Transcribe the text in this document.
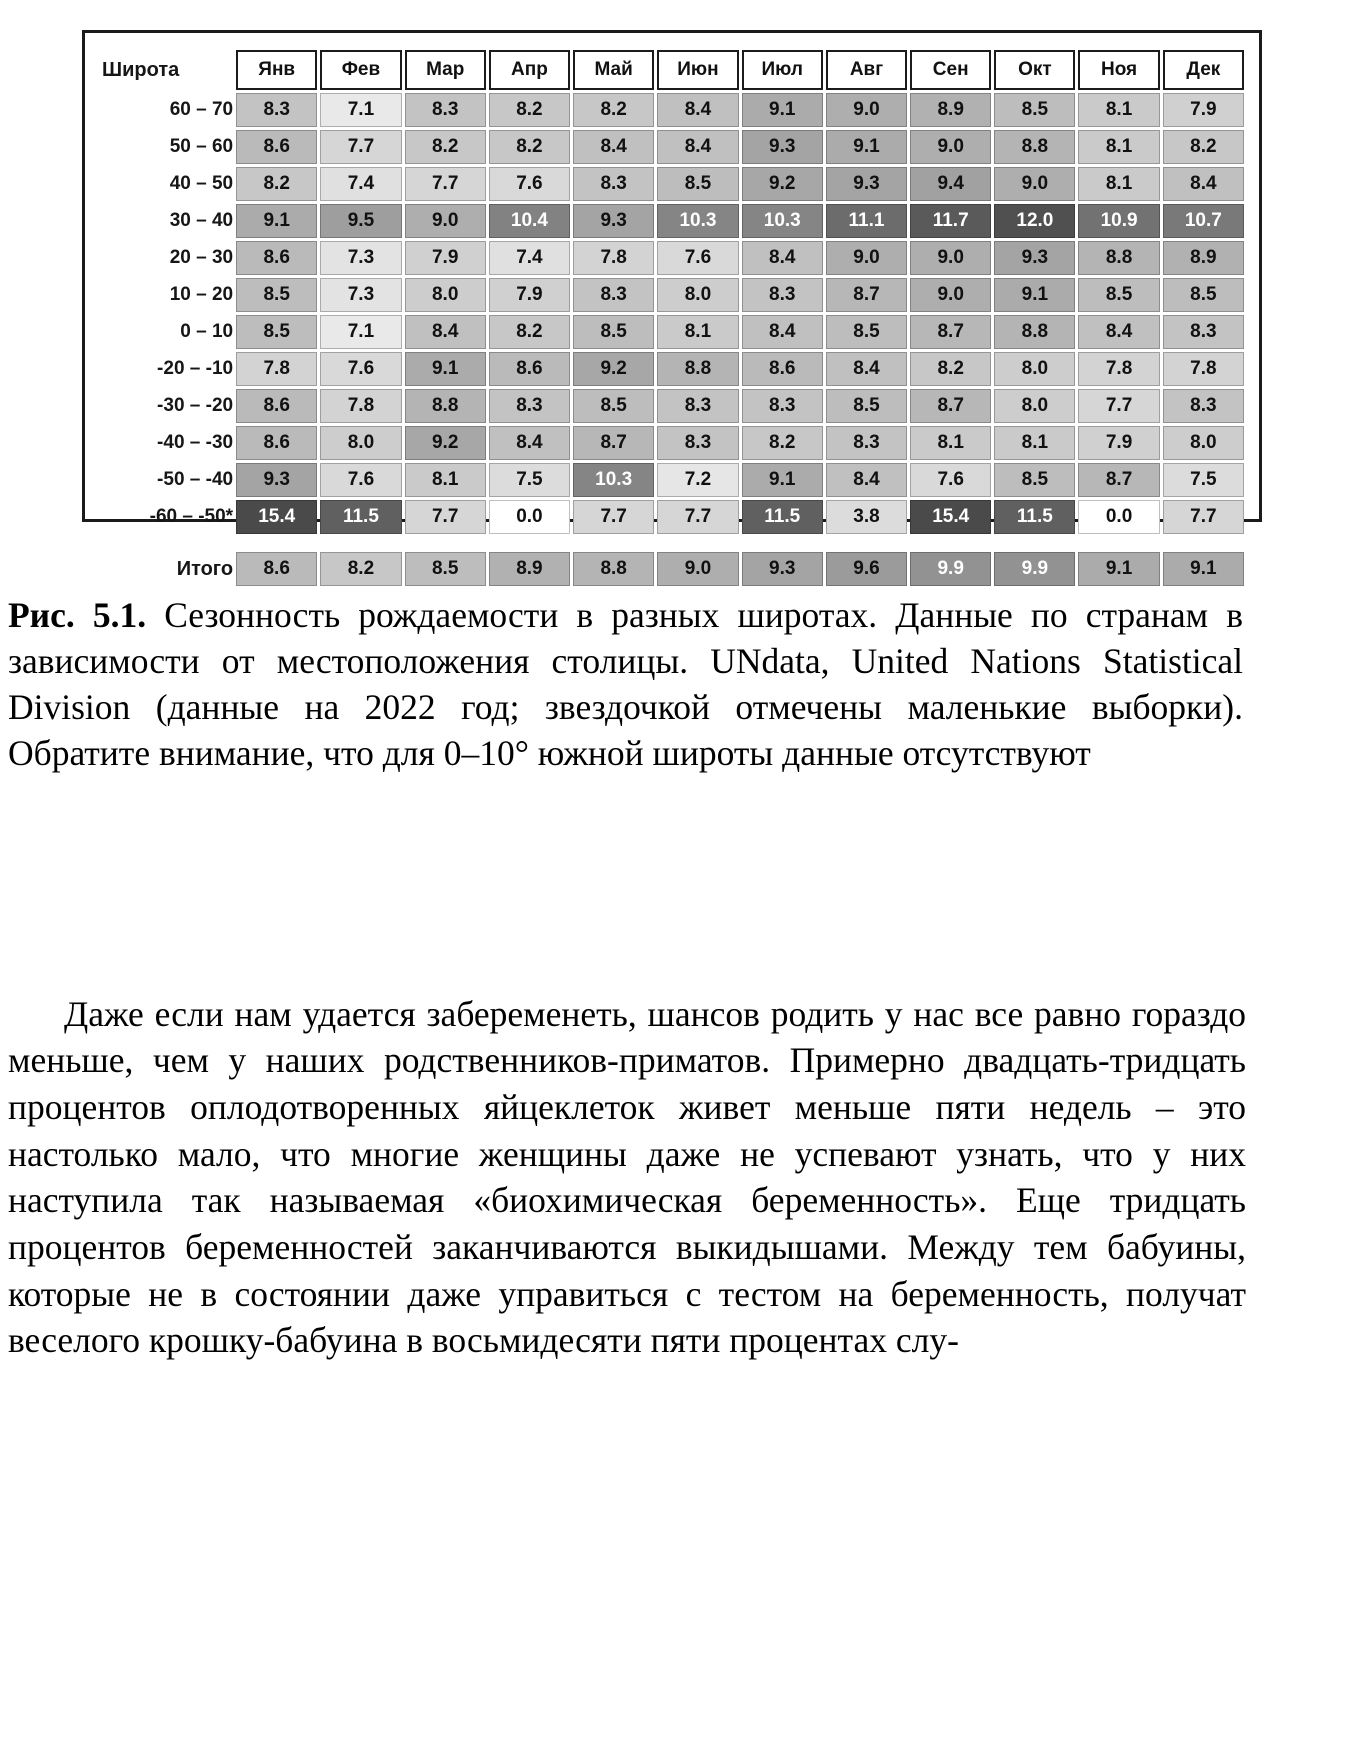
Широта	Янв	Фев	Мар	Апр	Май	Июн	Июл	Авг	Сен	Окт	Ноя	Дек
60 – 70	8.3	7.1	8.3	8.2	8.2	8.4	9.1	9.0	8.9	8.5	8.1	7.9
50 – 60	8.6	7.7	8.2	8.2	8.4	8.4	9.3	9.1	9.0	8.8	8.1	8.2
40 – 50	8.2	7.4	7.7	7.6	8.3	8.5	9.2	9.3	9.4	9.0	8.1	8.4
30 – 40	9.1	9.5	9.0	10.4	9.3	10.3	10.3	11.1	11.7	12.0	10.9	10.7
20 – 30	8.6	7.3	7.9	7.4	7.8	7.6	8.4	9.0	9.0	9.3	8.8	8.9
10 – 20	8.5	7.3	8.0	7.9	8.3	8.0	8.3	8.7	9.0	9.1	8.5	8.5
0 – 10	8.5	7.1	8.4	8.2	8.5	8.1	8.4	8.5	8.7	8.8	8.4	8.3
-20 – -10	7.8	7.6	9.1	8.6	9.2	8.8	8.6	8.4	8.2	8.0	7.8	7.8
-30 – -20	8.6	7.8	8.8	8.3	8.5	8.3	8.3	8.5	8.7	8.0	7.7	8.3
-40 – -30	8.6	8.0	9.2	8.4	8.7	8.3	8.2	8.3	8.1	8.1	7.9	8.0
-50 – -40	9.3	7.6	8.1	7.5	10.3	7.2	9.1	8.4	7.6	8.5	8.7	7.5
-60 – -50*	15.4	11.5	7.7	0.0	7.7	7.7	11.5	3.8	15.4	11.5	0.0	7.7

Итого	8.6	8.2	8.5	8.9	8.8	9.0	9.3	9.6	9.9	9.9	9.1	9.1

Рис. 5.1. Сезонность рождаемости в разных широтах. Данные по странам в зависимости от местоположения столицы. UNdata, United Nations Statistical Division (данные на 2022 год; звездочкой отмечены маленькие выборки). Обратите внимание, что для 0–10° южной широты данные отсутствуют

Даже если нам удается забеременеть, шансов родить у нас все равно гораздо меньше, чем у наших родственников-приматов. Примерно двадцать-тридцать процентов оплодотворенных яйцеклеток живет меньше пяти недель – это настолько мало, что многие женщины даже не успевают узнать, что у них наступила так называемая «биохимическая беременность». Еще тридцать процентов беременностей заканчиваются выкидышами. Между тем бабуины, которые не в состоянии даже управиться с тестом на беременность, получат веселого крошку-бабуина в восьмидесяти пяти процентах слу-
